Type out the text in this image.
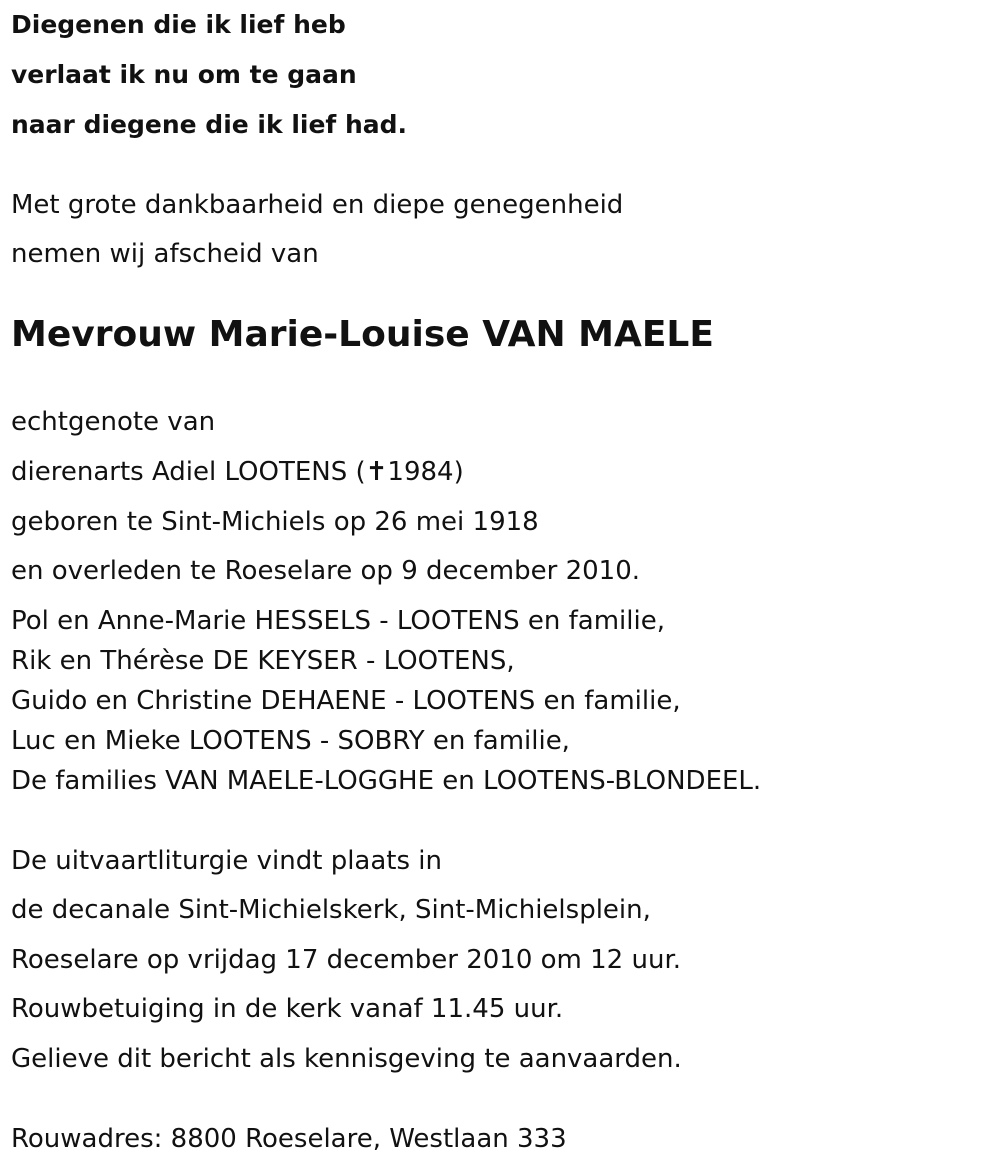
Diegenen die ik lief heb
verlaat ik nu om te gaan
naar diegene die ik lief had.
Met grote dankbaarheid en diepe genegenheid
nemen wij afscheid van
Mevrouw Marie-Louise VAN MAELE
echtgenote van
dierenarts Adiel LOOTENS (✝1984)
geboren te Sint-Michiels op 26 mei 1918
en overleden te Roeselare op 9 december 2010.
Pol en Anne-Marie HESSELS - LOOTENS en familie,
Rik en Thérèse DE KEYSER - LOOTENS,
Guido en Christine DEHAENE - LOOTENS en familie,
Luc en Mieke LOOTENS - SOBRY en familie,
De families VAN MAELE-LOGGHE en LOOTENS-BLONDEEL.
De uitvaartliturgie vindt plaats in
de decanale Sint-Michielskerk, Sint-Michielsplein,
Roeselare op vrijdag 17 december 2010 om 12 uur.
Rouwbetuiging in de kerk vanaf 11.45 uur.
Gelieve dit bericht als kennisgeving te aanvaarden.
Rouwadres: 8800 Roeselare, Westlaan 333
